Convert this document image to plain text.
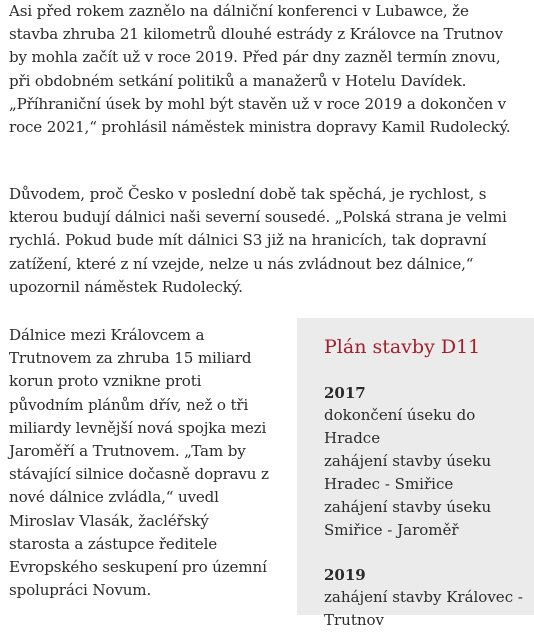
Asi před rokem zaznělo na dálniční konferenci v Lubawce, že stavba zhruba 21 kilometrů dlouhé estrády z Královce na Trutnov by mohla začít už v roce 2019. Před pár dny zazněl termín znovu, při obdobném setkání politiků a manažerů v Hotelu Davídek. „Příhraniční úsek by mohl být stavěn už v roce 2019 a dokončen v roce 2021,“ prohlásil náměstek ministra dopravy Kamil Rudolecký.

Důvodem, proč Česko v poslední době tak spěchá, je rychlost, s kterou budují dálnici naši severní sousedé. „Polská strana je velmi rychlá. Pokud bude mít dálnici S3 již na hranicích, tak dopravní zatížení, které z ní vzejde, nelze u nás zvládnout bez dálnice,“ upozornil náměstek Rudolecký.

Dálnice mezi Královcem a Trutnovem za zhruba 15 miliard korun proto vznikne proti původním plánům dřív, než o tři miliardy levnější nová spojka mezi Jaroměří a Trutnovem. „Tam by stávající silnice dočasně dopravu z nové dálnice zvládla,“ uvedl Miroslav Vlasák, žacléřský starosta a zástupce ředitele Evropského seskupení pro územní spolupráci Novum.

Plán stavby D11

2017

dokončení úseku do Hradce

zahájení stavby úseku Hradec - Smiřice

zahájení stavby úseku Smiřice - Jaroměř

2019

zahájení stavby Královec - Trutnov
